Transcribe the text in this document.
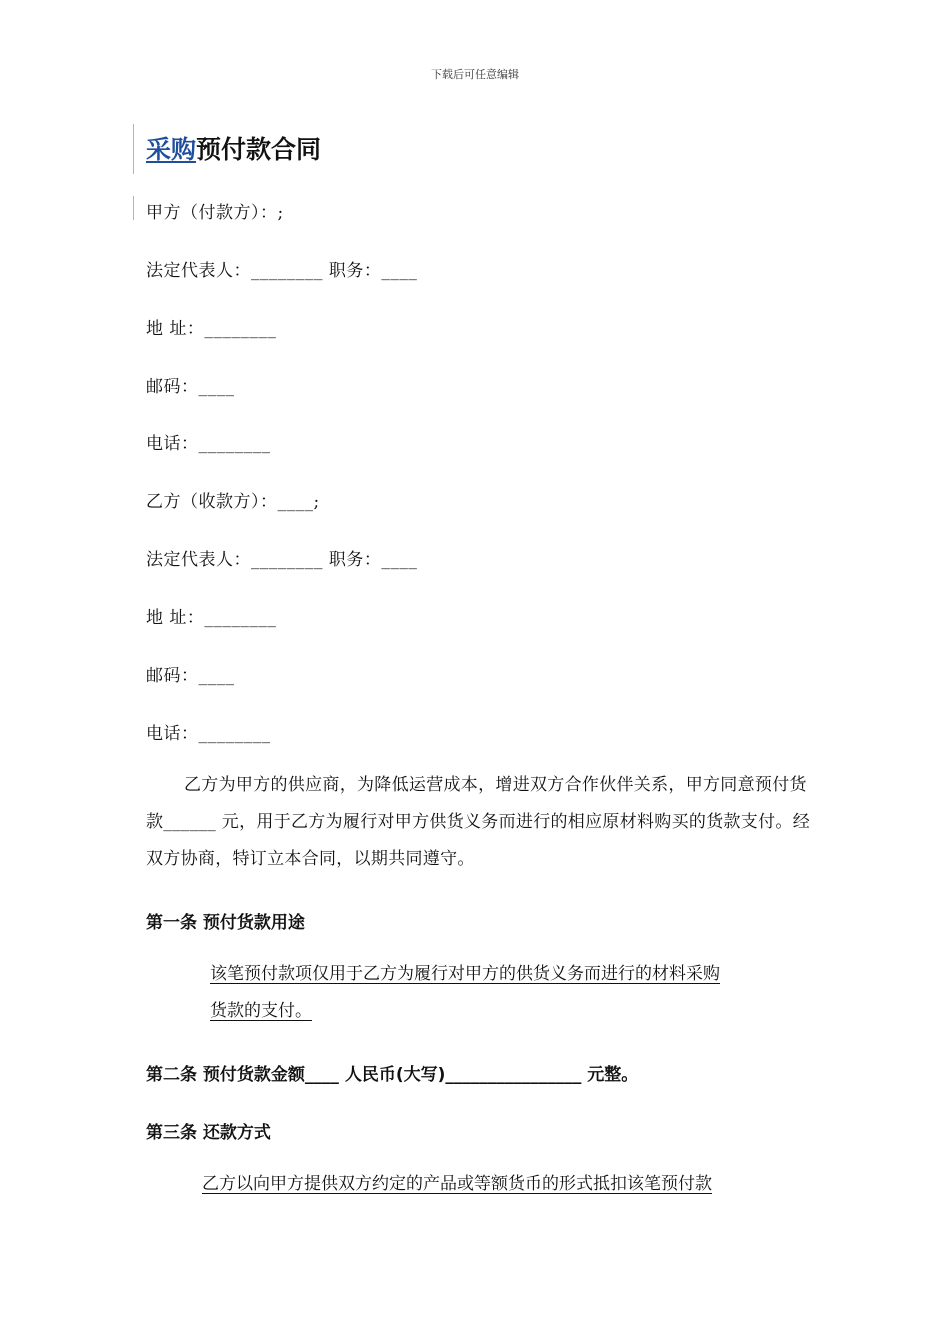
下载后可任意编辑
采购预付款合同
甲方（付款方）：;
法定代表人：________ 职务：____
地 址：________
邮码：____
电话：________
乙方（收款方）：____;
法定代表人：________ 职务：____
地 址：________
邮码：____
电话：________
乙方为甲方的供应商，为降低运营成本，增进双方合作伙伴关系，甲方同意预付货款______ 元，用于乙方为履行对甲方供货义务而进行的相应原材料购买的货款支付。经双方协商，特订立本合同，以期共同遵守。
第一条 预付货款用途
该笔预付款项仅用于乙方为履行对甲方的供货义务而进行的材料采购
货款的支付。
第二条 预付货款金额____ 人民币(大写)________________ 元整。
第三条 还款方式
乙方以向甲方提供双方约定的产品或等额货币的形式抵扣该笔预付款
